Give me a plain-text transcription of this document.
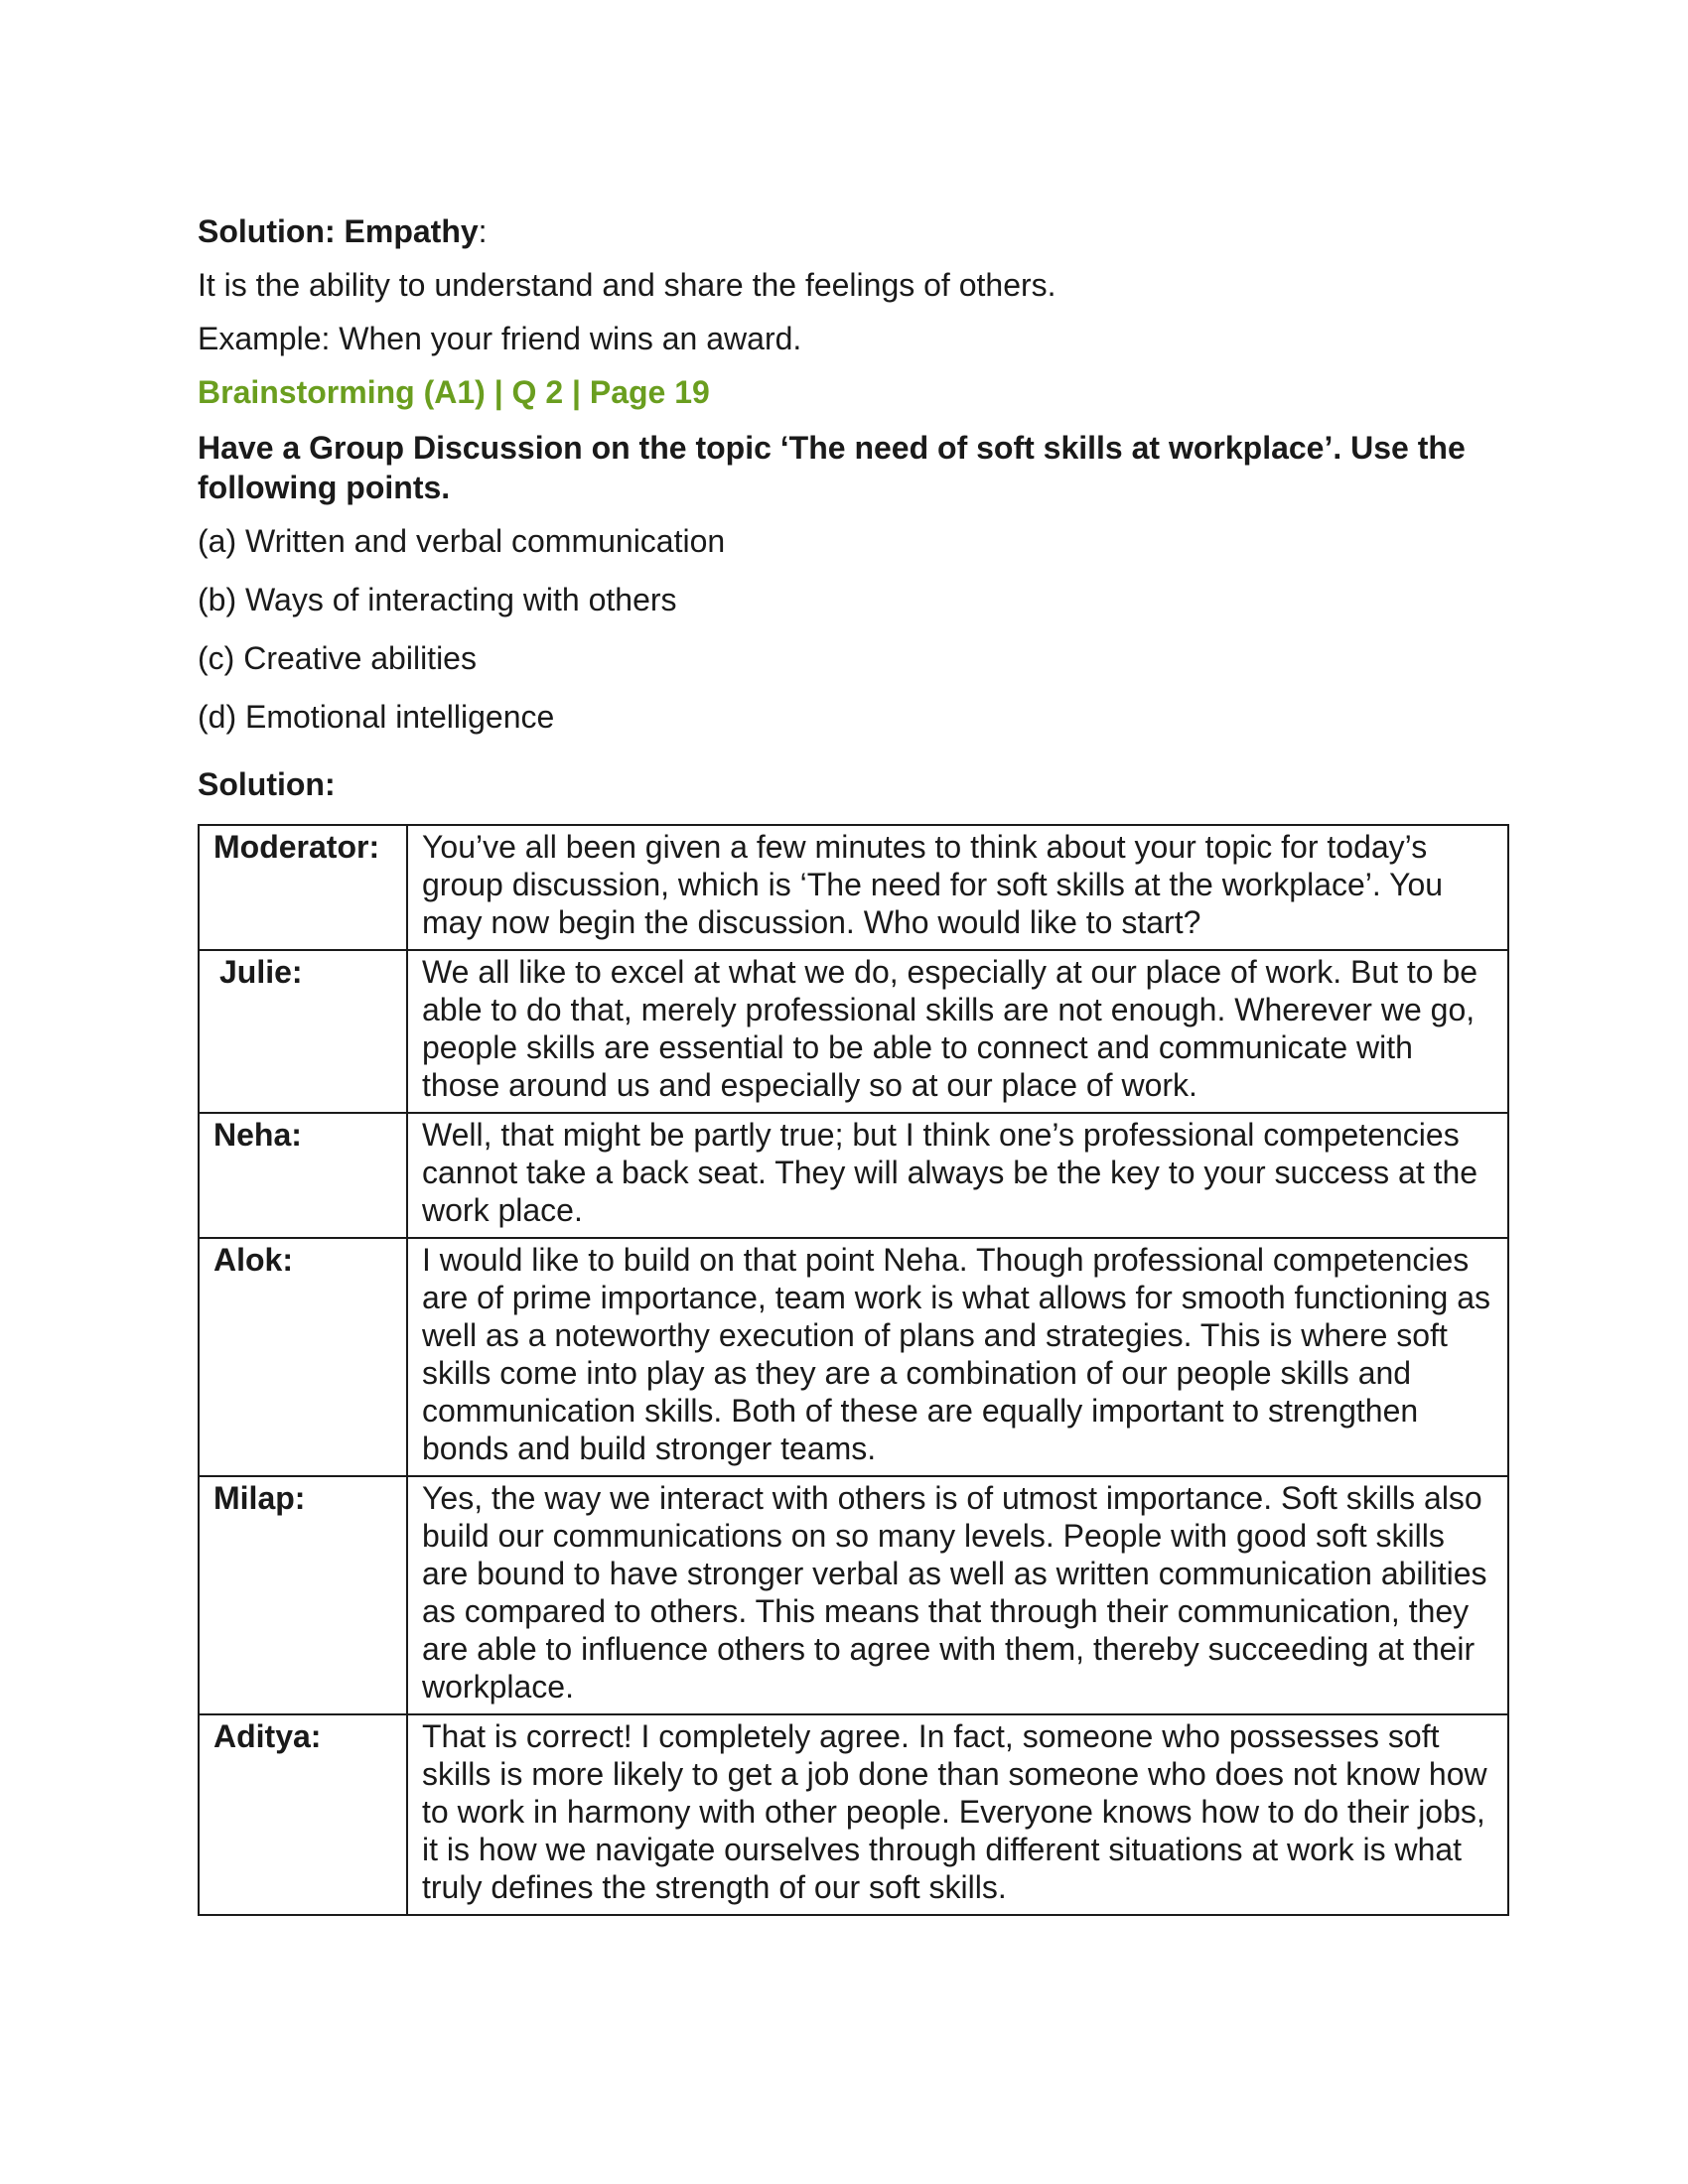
Solution: Empathy:

It is the ability to understand and share the feelings of others.

Example: When your friend wins an award.

Brainstorming (A1) | Q 2 | Page 19

Have a Group Discussion on the topic ‘The need of soft skills at workplace’. Use the following points.

(a) Written and verbal communication

(b) Ways of interacting with others

(c) Creative abilities

(d) Emotional intelligence

Solution:

Moderator:	You’ve all been given a few minutes to think about your topic for today’s group discussion, which is ‘The need for soft skills at the workplace’. You may now begin the discussion. Who would like to start?
Julie:	We all like to excel at what we do, especially at our place of work. But to be able to do that, merely professional skills are not enough. Wherever we go, people skills are essential to be able to connect and communicate with those around us and especially so at our place of work.
Neha:	Well, that might be partly true; but I think one’s professional competencies cannot take a back seat. They will always be the key to your success at the work place.
Alok:	I would like to build on that point Neha. Though professional competencies are of prime importance, team work is what allows for smooth functioning as well as a noteworthy execution of plans and strategies. This is where soft skills come into play as they are a combination of our people skills and communication skills. Both of these are equally important to strengthen bonds and build stronger teams.
Milap:	Yes, the way we interact with others is of utmost importance. Soft skills also build our communications on so many levels. People with good soft skills are bound to have stronger verbal as well as written communication abilities as compared to others. This means that through their communication, they are able to influence others to agree with them, thereby succeeding at their workplace.
Aditya:	That is correct! I completely agree. In fact, someone who possesses soft skills is more likely to get a job done than someone who does not know how to work in harmony with other people. Everyone knows how to do their jobs, it is how we navigate ourselves through different situations at work is what truly defines the strength of our soft skills.
